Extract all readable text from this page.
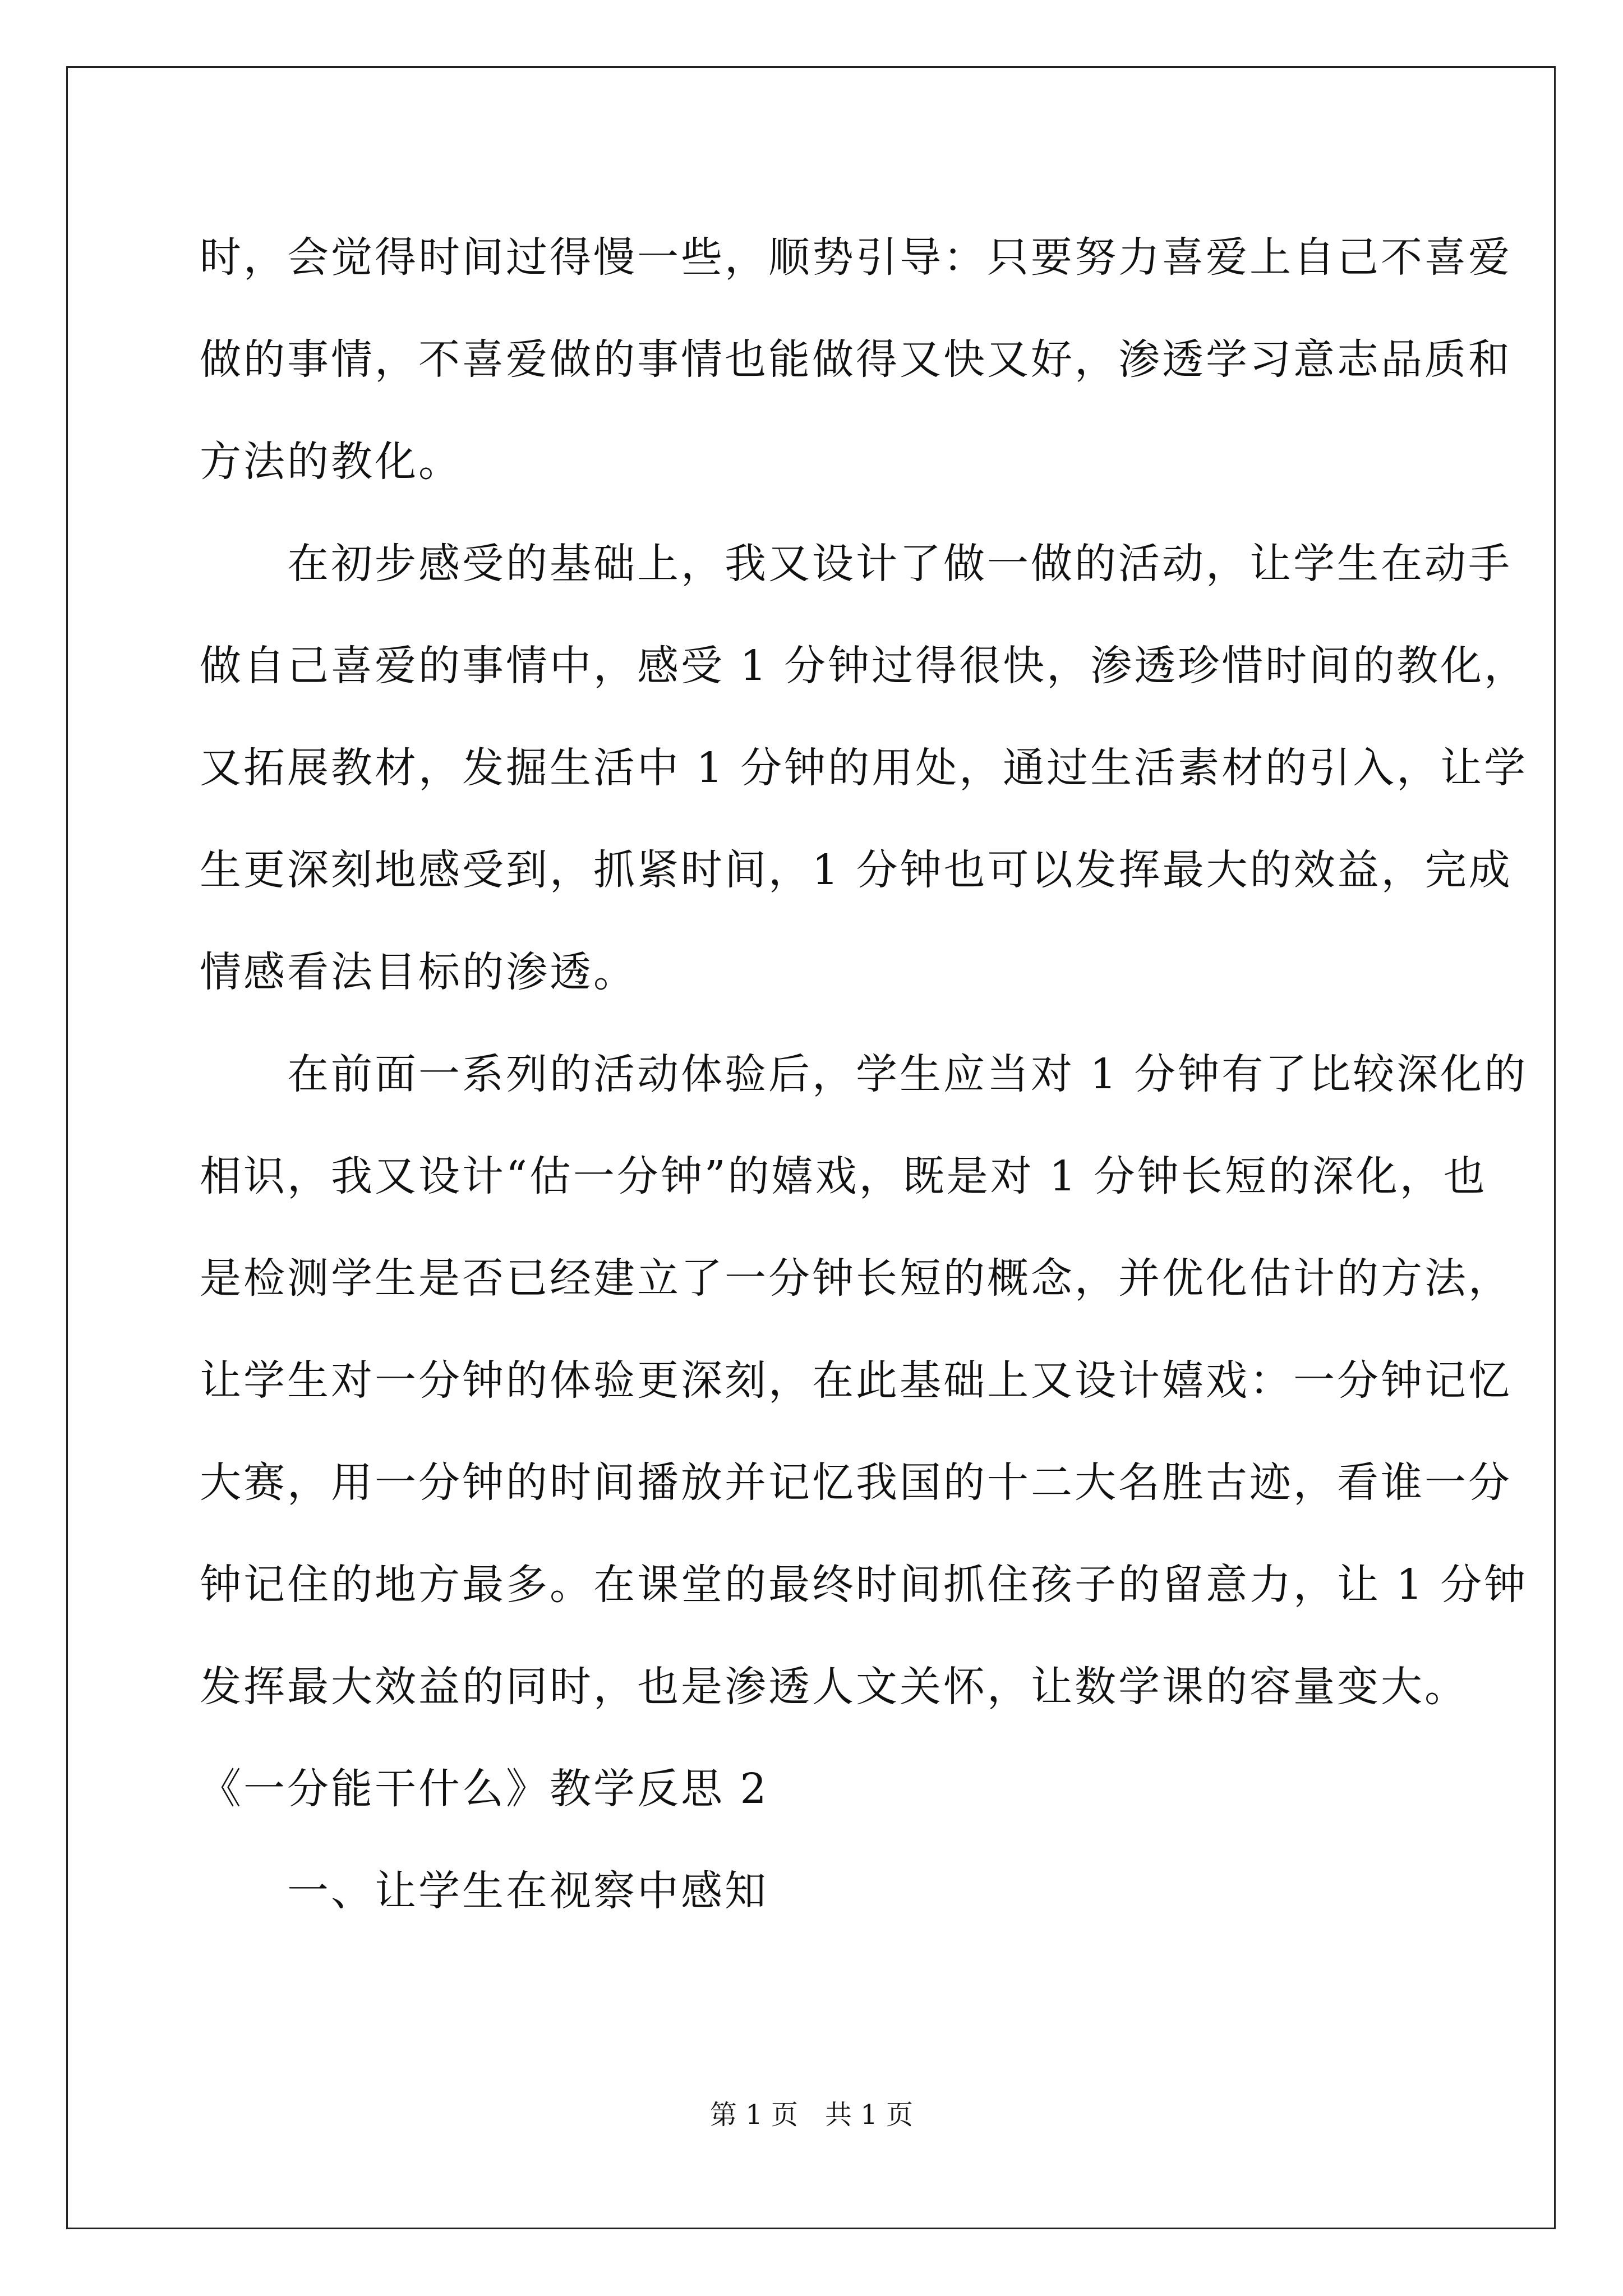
时，会觉得时间过得慢一些，顺势引导：只要努力喜爱上自己不喜爱
做的事情，不喜爱做的事情也能做得又快又好，渗透学习意志品质和
方法的教化。
　　在初步感受的基础上，我又设计了做一做的活动，让学生在动手
做自己喜爱的事情中，感受 1 分钟过得很快，渗透珍惜时间的教化，
又拓展教材，发掘生活中 1 分钟的用处，通过生活素材的引入，让学
生更深刻地感受到，抓紧时间，1 分钟也可以发挥最大的效益，完成
情感看法目标的渗透。
　　在前面一系列的活动体验后，学生应当对 1 分钟有了比较深化的
相识，我又设计“估一分钟”的嬉戏，既是对 1 分钟长短的深化，也
是检测学生是否已经建立了一分钟长短的概念，并优化估计的方法，
让学生对一分钟的体验更深刻，在此基础上又设计嬉戏：一分钟记忆
大赛，用一分钟的时间播放并记忆我国的十二大名胜古迹，看谁一分
钟记住的地方最多。在课堂的最终时间抓住孩子的留意力，让 1 分钟
发挥最大效益的同时，也是渗透人文关怀，让数学课的容量变大。
《一分能干什么》教学反思 2
　　一、让学生在视察中感知
第 1 页　共 1 页
